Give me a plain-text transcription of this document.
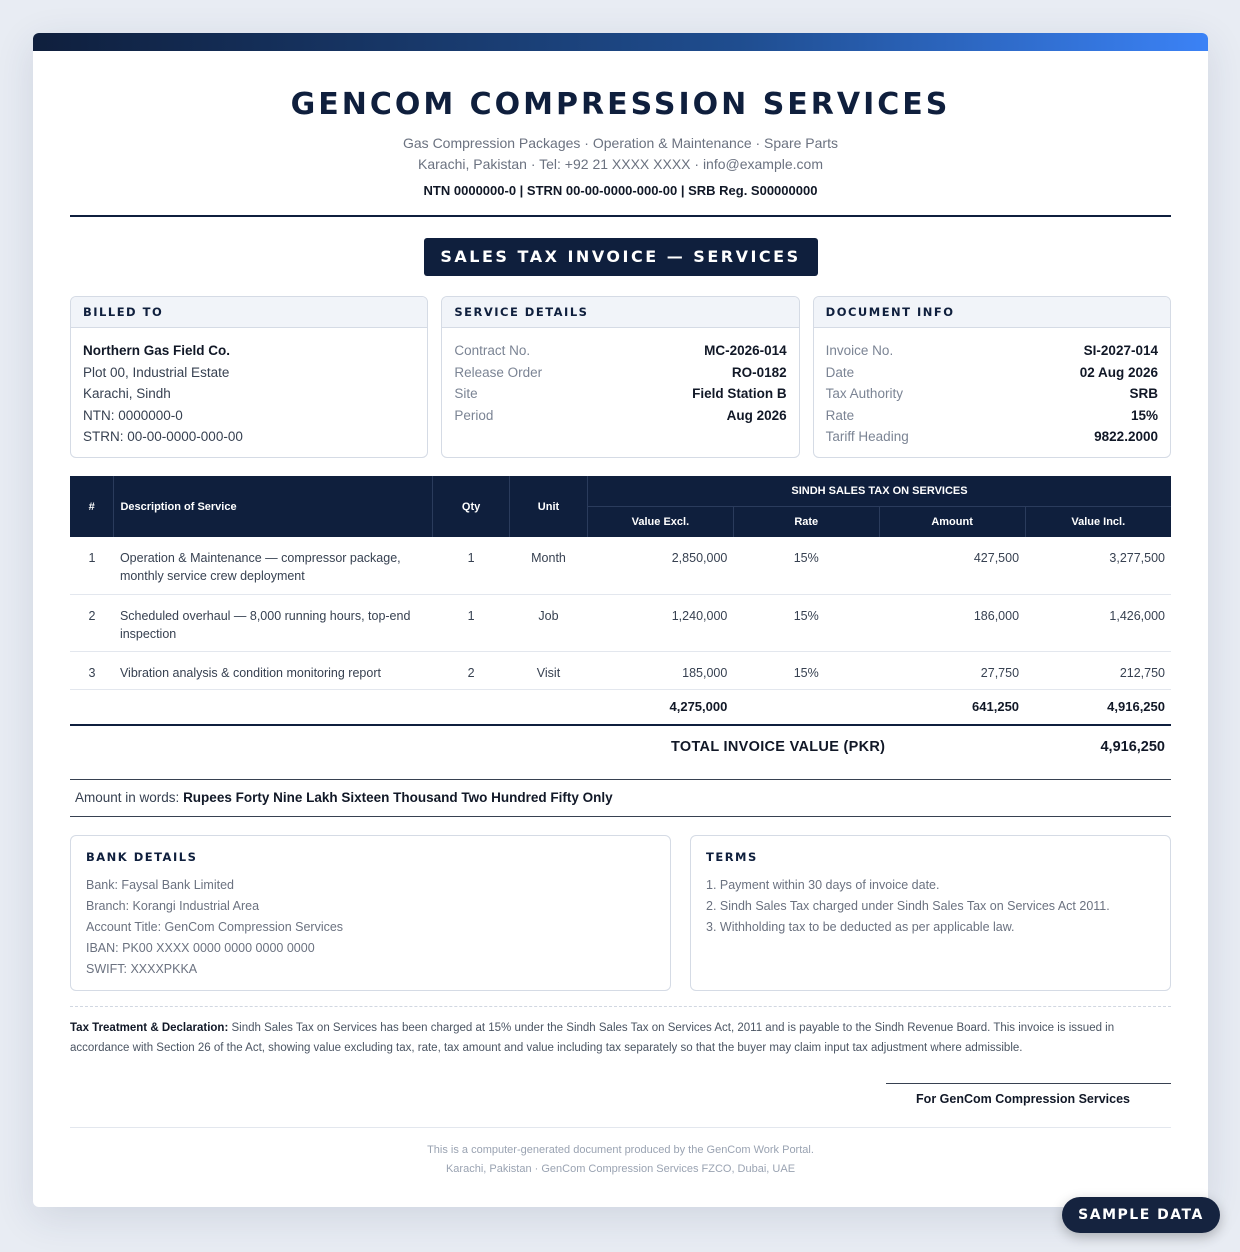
GENCOM COMPRESSION SERVICES
Gas Compression Packages · Operation & Maintenance · Spare Parts
Karachi, Pakistan · Tel: +92 21 XXXX XXXX · info@example.com
NTN 0000000-0 | STRN 00-00-0000-000-00 | SRB Reg. S00000000
SALES TAX INVOICE — SERVICES
BILLED TO
Northern Gas Field Co.
Plot 00, Industrial Estate
Karachi, Sindh
NTN: 0000000-0
STRN: 00-00-0000-000-00
SERVICE DETAILS
Contract No.	MC-2026-014
Release Order	RO-0182
Site	Field Station B
Period	Aug 2026
DOCUMENT INFO
Invoice No.	SI-2027-014
Date	02 Aug 2026
Tax Authority	SRB
Rate	15%
Tariff Heading	9822.2000
#	Description of Service	Qty	Unit	SINDH SALES TAX ON SERVICES			
				Value Excl.	Rate	Amount	Value Incl.
1	Operation & Maintenance — compressor package, monthly service crew deployment	1	Month	2,850,000	15%	427,500	3,277,500
2	Scheduled overhaul — 8,000 running hours, top-end inspection	1	Job	1,240,000	15%	186,000	1,426,000
3	Vibration analysis & condition monitoring report	2	Visit	185,000	15%	27,750	212,750
				4,275,000		641,250	4,916,250
TOTAL INVOICE VALUE (PKR)	4,916,250
Amount in words: Rupees Forty Nine Lakh Sixteen Thousand Two Hundred Fifty Only
BANK DETAILS
Bank: Faysal Bank Limited
Branch: Korangi Industrial Area
Account Title: GenCom Compression Services
IBAN: PK00 XXXX 0000 0000 0000 0000
SWIFT: XXXXPKKA
TERMS
1. Payment within 30 days of invoice date.
2. Sindh Sales Tax charged under Sindh Sales Tax on Services Act 2011.
3. Withholding tax to be deducted as per applicable law.
Tax Treatment & Declaration: Sindh Sales Tax on Services has been charged at 15% under the Sindh Sales Tax on Services Act, 2011 and is payable to the Sindh Revenue Board. This invoice is issued in accordance with Section 26 of the Act, showing value excluding tax, rate, tax amount and value including tax separately so that the buyer may claim input tax adjustment where admissible.
For GenCom Compression Services
This is a computer-generated document produced by the GenCom Work Portal.
Karachi, Pakistan · GenCom Compression Services FZCO, Dubai, UAE
SAMPLE DATA
